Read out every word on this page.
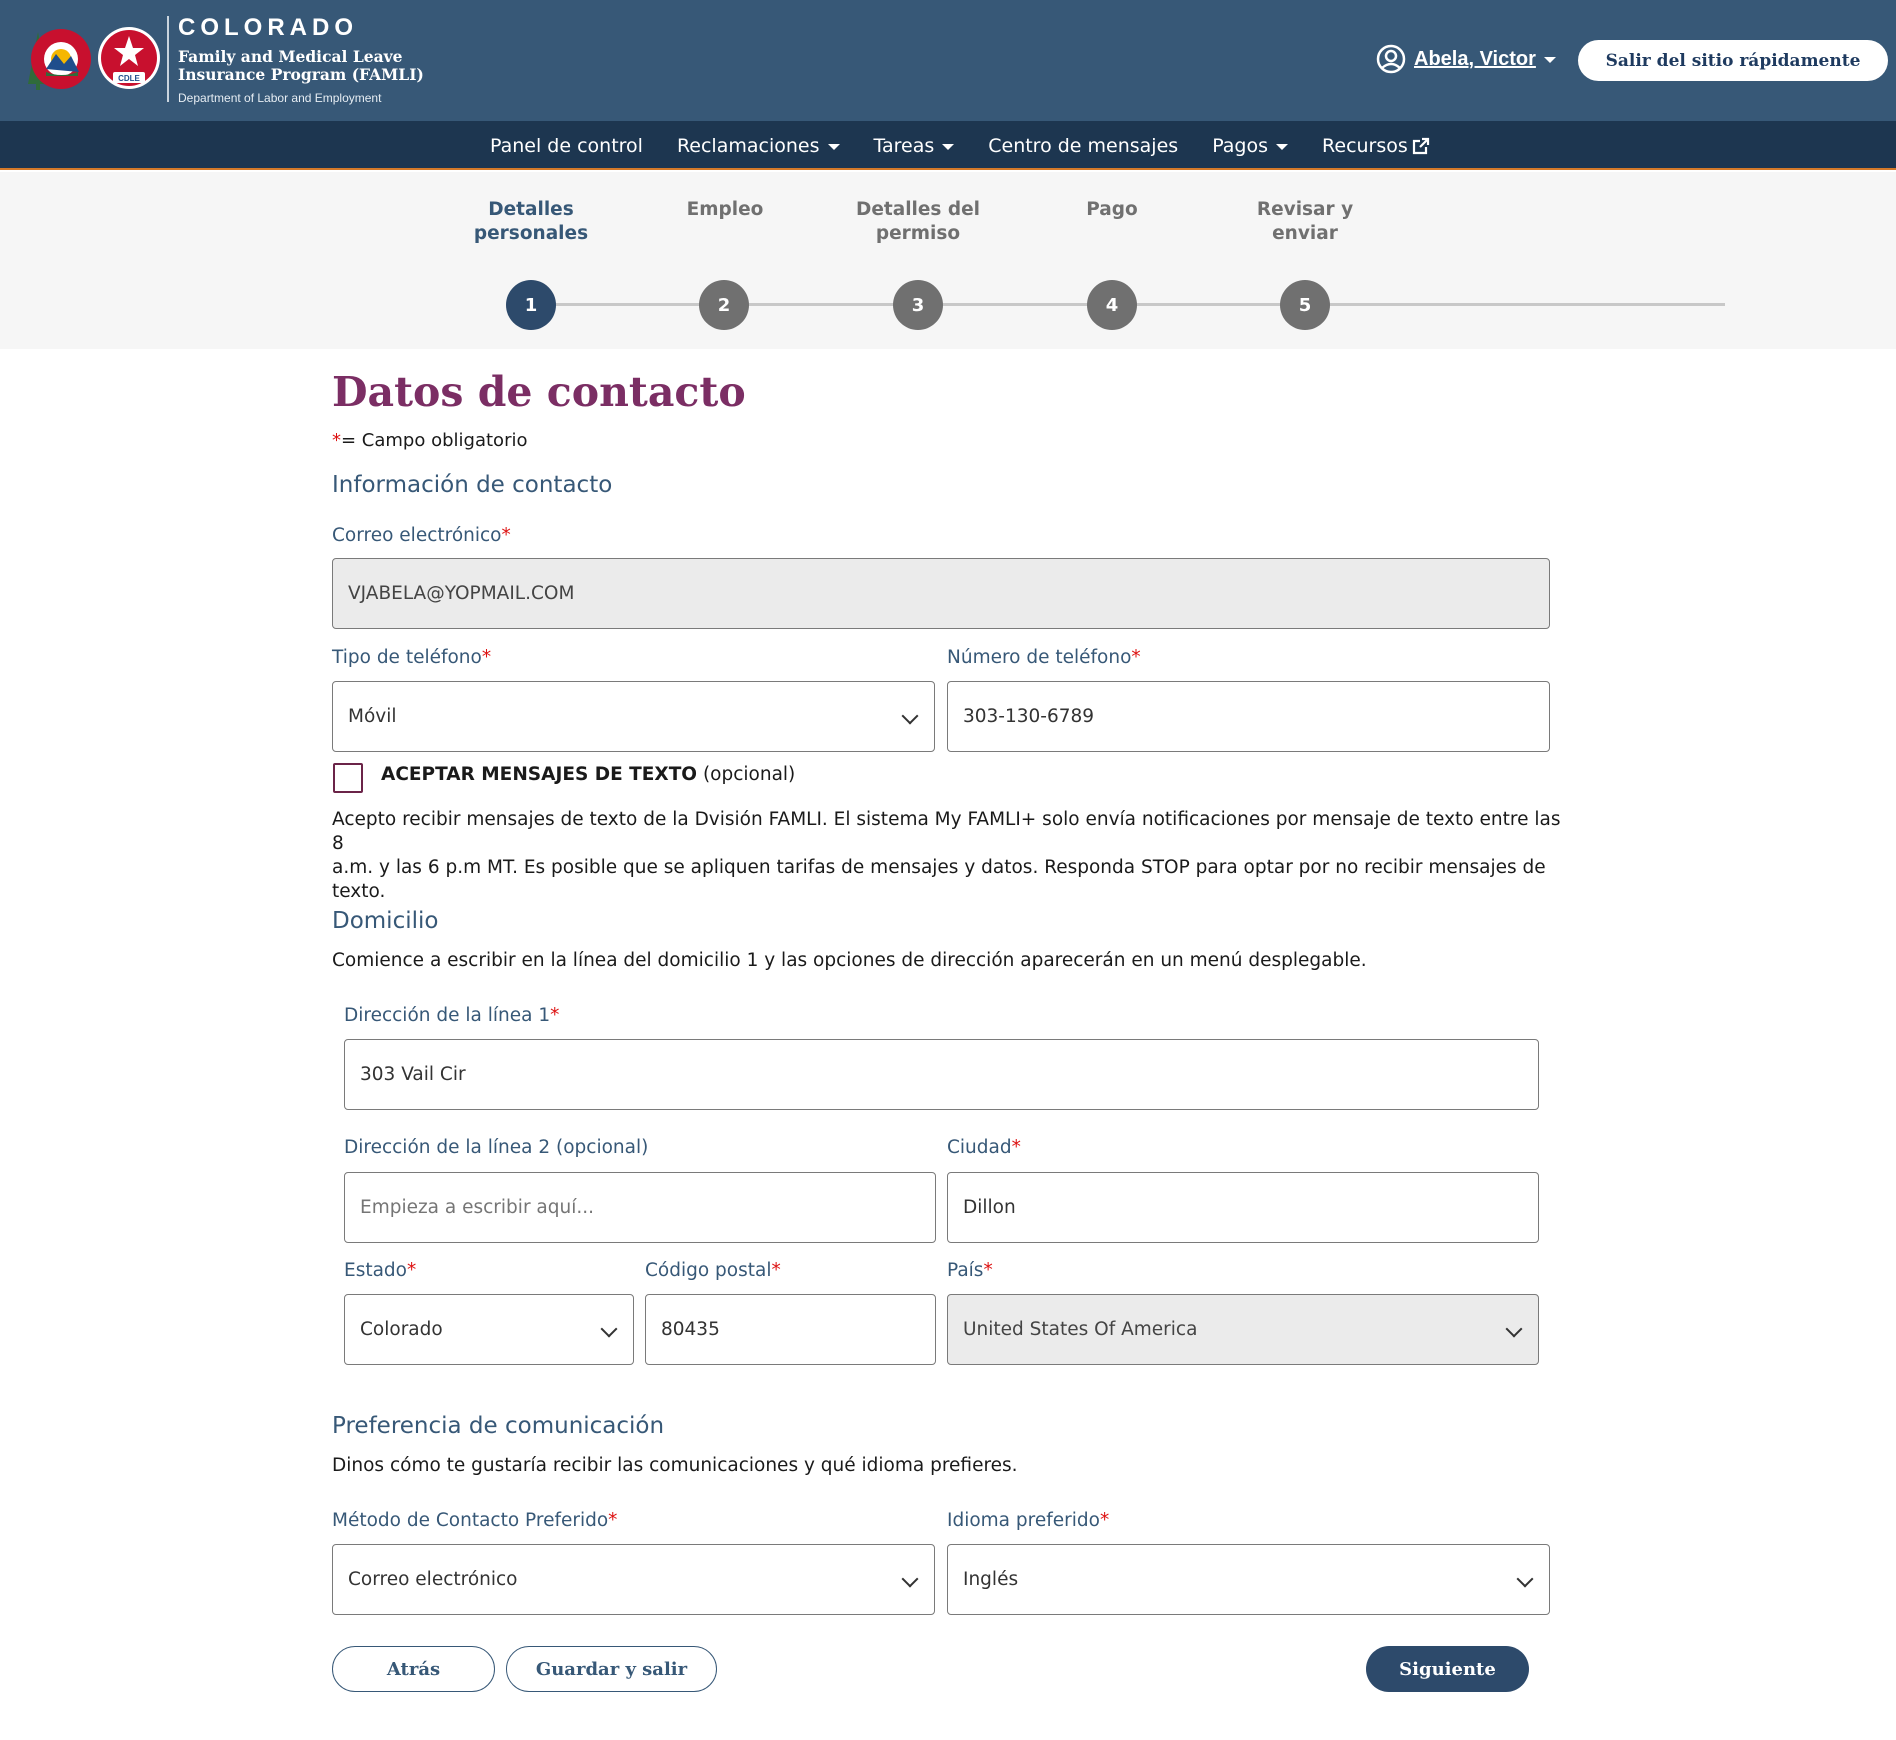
CDLE
COLORADO
Family and Medical Leave
Insurance Program (FAMLI)
Department of Labor and Employment
Abela, Victor	Salir del sitio rápidamente
Panel de control Reclamaciones	Tareas	Centro de mensajes Pagos	Recursos
Detalles
personales
Empleo	Detalles del
permiso
Pago	Revisar y
enviar
1	2	3	4	5
Datos de contacto
*= Campo obligatorio
Información de contacto
Correo electrónico*
VJABELA@YOPMAIL.COM
Tipo de teléfono*
Móvil
Número de teléfono*
303-130-6789
ACEPTAR MENSAJES DE TEXTO (opcional)
Acepto recibir mensajes de texto de la Dvisión FAMLI. El sistema My FAMLI+ solo envía notificaciones por mensaje de texto entre las 8
a.m. y las 6 p.m MT. Es posible que se apliquen tarifas de mensajes y datos. Responda STOP para optar por no recibir mensajes de
texto.
Domicilio
Comience a escribir en la línea del domicilio 1 y las opciones de dirección aparecerán en un menú desplegable.
Dirección de la línea 1*
303 Vail Cir
Dirección de la línea 2 (opcional)
Empieza a escribir aquí...
Ciudad*
Dillon
Estado*
Colorado
Código postal*
80435
País*
United States Of America
Preferencia de comunicación
Dinos cómo te gustaría recibir las comunicaciones y qué idioma prefieres.
Método de Contacto Preferido*
Correo electrónico
Idioma preferido*
Inglés
Atrás	Guardar y salir	Siguiente
